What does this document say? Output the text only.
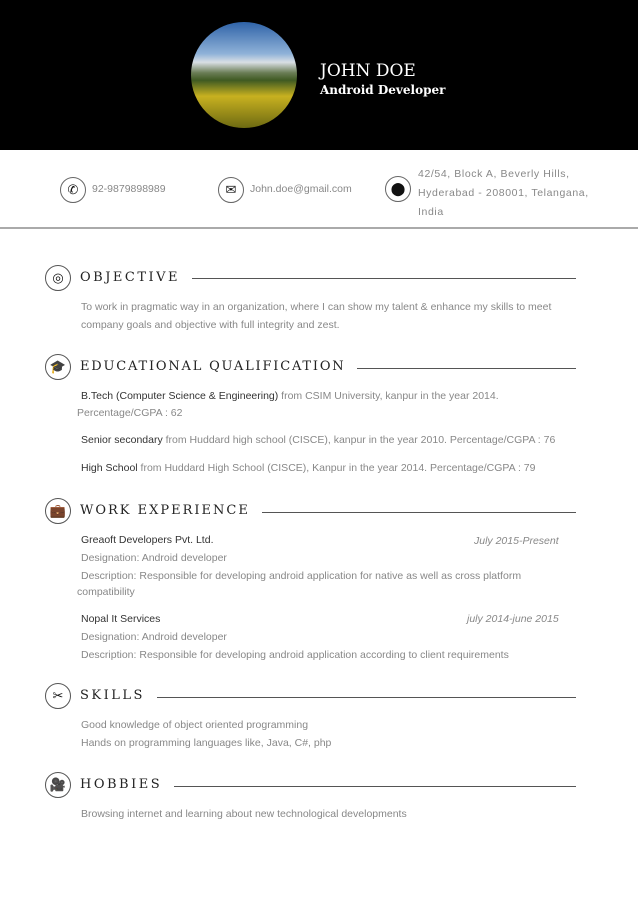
JOHN DOE
Android Developer
✆	92-9879898989	✉	John.doe@gmail.com	⬤
42/54, Block A, Beverly Hills,
Hyderabad - 208001, Telangana,
India
◎	OBJECTIVE
To work in pragmatic way in an organization, where I can show my talent & enhance my skills to meet
company goals and objective with full integrity and zest.
🎓	EDUCATIONAL QUALIFICATION
B.Tech (Computer Science & Engineering) from CSIM University, kanpur in the year 2014.
Percentage/CGPA : 62
Senior secondary from Huddard high school (CISCE), kanpur in the year 2010. Percentage/CGPA : 76
High School from Huddard High School (CISCE), Kanpur in the year 2014. Percentage/CGPA : 79
💼	WORK EXPERIENCE
Greaoft Developers Pvt. Ltd.
Designation: Android developer
Description: Responsible for developing android application for native as well as cross platform
compatibility
July 2015-Present
Nopal It Services
Designation: Android developer
Description: Responsible for developing android application according to client requirements
july 2014-june 2015
✂	SKILLS
Good knowledge of object oriented programming
Hands on programming languages like, Java, C#, php
🎥	HOBBIES
Browsing internet and learning about new technological developments
